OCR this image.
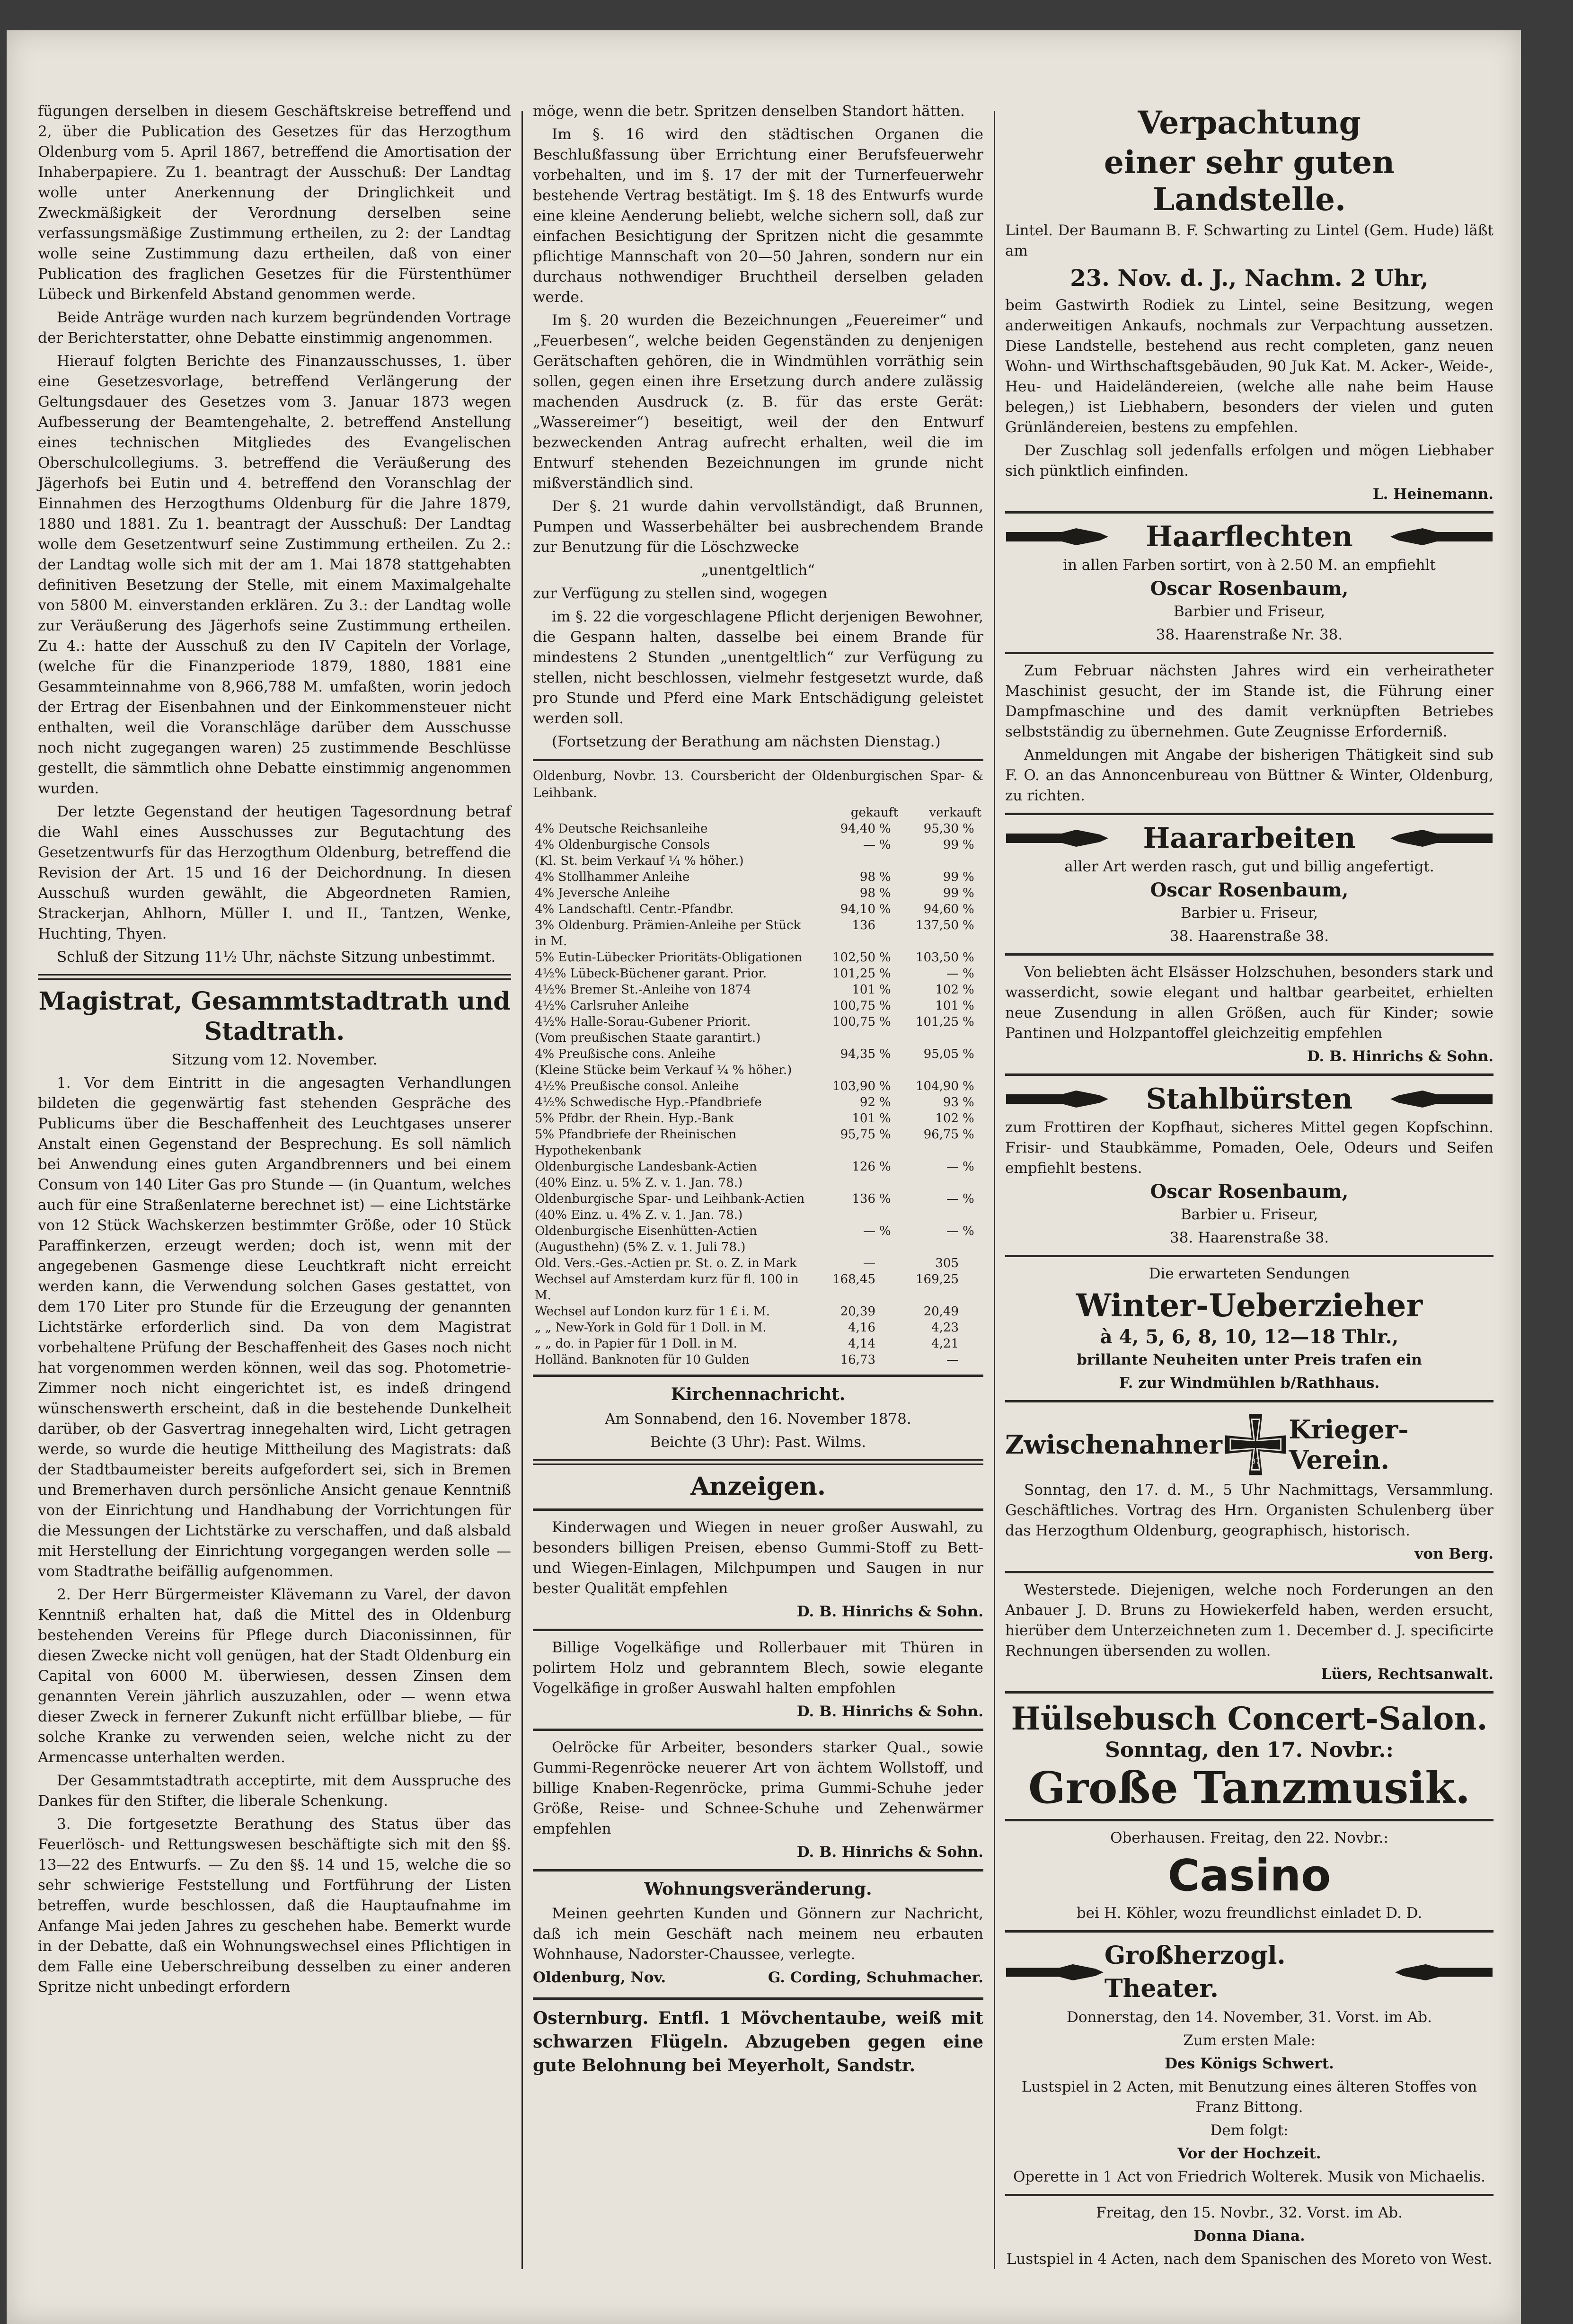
fügungen derselben in diesem Geschäftskreise betreffend und 2, über die Publication des Gesetzes für das Herzogthum Oldenburg vom 5. April 1867, betreffend die Amortisation der Inhaberpapiere. Zu 1. beantragt der Ausschuß: Der Landtag wolle unter Anerkennung der Dringlichkeit und Zweckmäßigkeit der Verordnung derselben seine verfassungsmäßige Zustimmung ertheilen, zu 2: der Landtag wolle seine Zustimmung dazu ertheilen, daß von einer Publication des fraglichen Gesetzes für die Fürstenthümer Lübeck und Birkenfeld Abstand genommen werde.

Beide Anträge wurden nach kurzem begründenden Vortrage der Berichterstatter, ohne Debatte einstimmig angenommen.

Hierauf folgten Berichte des Finanzausschusses, 1. über eine Gesetzesvorlage, betreffend Verlängerung der Geltungsdauer des Gesetzes vom 3. Januar 1873 wegen Aufbesserung der Beamtengehalte, 2. betreffend Anstellung eines technischen Mitgliedes des Evangelischen Oberschulcollegiums. 3. betreffend die Veräußerung des Jägerhofs bei Eutin und 4. betreffend den Voranschlag der Einnahmen des Herzogthums Oldenburg für die Jahre 1879, 1880 und 1881. Zu 1. beantragt der Ausschuß: Der Landtag wolle dem Gesetzentwurf seine Zustimmung ertheilen. Zu 2.: der Landtag wolle sich mit der am 1. Mai 1878 stattgehabten definitiven Besetzung der Stelle, mit einem Maximalgehalte von 5800 M. einverstanden erklären. Zu 3.: der Landtag wolle zur Veräußerung des Jägerhofs seine Zustimmung ertheilen. Zu 4.: hatte der Ausschuß zu den IV Capiteln der Vorlage, (welche für die Finanzperiode 1879, 1880, 1881 eine Gesammteinnahme von 8,966,788 M. umfaßten, worin jedoch der Ertrag der Eisenbahnen und der Einkommensteuer nicht enthalten, weil die Voranschläge darüber dem Ausschusse noch nicht zugegangen waren) 25 zustimmende Beschlüsse gestellt, die sämmtlich ohne Debatte einstimmig angenommen wurden.

Der letzte Gegenstand der heutigen Tagesordnung betraf die Wahl eines Ausschusses zur Begutachtung des Gesetzentwurfs für das Herzogthum Oldenburg, betreffend die Revision der Art. 15 und 16 der Deichordnung. In diesen Ausschuß wurden gewählt, die Abgeordneten Ramien, Strackerjan, Ahlhorn, Müller I. und II., Tantzen, Wenke, Huchting, Thyen.

Schluß der Sitzung 11½ Uhr, nächste Sitzung unbestimmt.

Magistrat, Gesammtstadtrath und Stadtrath.

Sitzung vom 12. November.

1. Vor dem Eintritt in die angesagten Verhandlungen bildeten die gegenwärtig fast stehenden Gespräche des Publicums über die Beschaffenheit des Leuchtgases unserer Anstalt einen Gegenstand der Besprechung. Es soll nämlich bei Anwendung eines guten Argandbrenners und bei einem Consum von 140 Liter Gas pro Stunde — (in Quantum, welches auch für eine Straßenlaterne berechnet ist) — eine Lichtstärke von 12 Stück Wachskerzen bestimmter Größe, oder 10 Stück Paraffinkerzen, erzeugt werden; doch ist, wenn mit der angegebenen Gasmenge diese Leuchtkraft nicht erreicht werden kann, die Verwendung solchen Gases gestattet, von dem 170 Liter pro Stunde für die Erzeugung der genannten Lichtstärke erforderlich sind. Da von dem Magistrat vorbehaltene Prüfung der Beschaffenheit des Gases noch nicht hat vorgenommen werden können, weil das sog. Photometrie-Zimmer noch nicht eingerichtet ist, es indeß dringend wünschenswerth erscheint, daß in die bestehende Dunkelheit darüber, ob der Gasvertrag innegehalten wird, Licht getragen werde, so wurde die heutige Mittheilung des Magistrats: daß der Stadtbaumeister bereits aufgefordert sei, sich in Bremen und Bremerhaven durch persönliche Ansicht genaue Kenntniß von der Einrichtung und Handhabung der Vorrichtungen für die Messungen der Lichtstärke zu verschaffen, und daß alsbald mit Herstellung der Einrichtung vorgegangen werden solle — vom Stadtrathe beifällig aufgenommen.

2. Der Herr Bürgermeister Klävemann zu Varel, der davon Kenntniß erhalten hat, daß die Mittel des in Oldenburg bestehenden Vereins für Pflege durch Diaconissinnen, für diesen Zwecke nicht voll genügen, hat der Stadt Oldenburg ein Capital von 6000 M. überwiesen, dessen Zinsen dem genannten Verein jährlich auszuzahlen, oder — wenn etwa dieser Zweck in fernerer Zukunft nicht erfüllbar bliebe, — für solche Kranke zu verwenden seien, welche nicht zu der Armencasse unterhalten werden.

Der Gesammtstadtrath acceptirte, mit dem Ausspruche des Dankes für den Stifter, die liberale Schenkung.

3. Die fortgesetzte Berathung des Status über das Feuerlösch- und Rettungswesen beschäftigte sich mit den §§. 13—22 des Entwurfs. — Zu den §§. 14 und 15, welche die so sehr schwierige Feststellung und Fortführung der Listen betreffen, wurde beschlossen, daß die Hauptaufnahme im Anfange Mai jeden Jahres zu geschehen habe. Bemerkt wurde in der Debatte, daß ein Wohnungswechsel eines Pflichtigen in dem Falle eine Ueberschreibung desselben zu einer anderen Spritze nicht unbedingt erfordern

möge, wenn die betr. Spritzen denselben Standort hätten.

Im §. 16 wird den städtischen Organen die Beschlußfassung über Errichtung einer Berufsfeuerwehr vorbehalten, und im §. 17 der mit der Turnerfeuerwehr bestehende Vertrag bestätigt. Im §. 18 des Entwurfs wurde eine kleine Aenderung beliebt, welche sichern soll, daß zur einfachen Besichtigung der Spritzen nicht die gesammte pflichtige Mannschaft von 20—50 Jahren, sondern nur ein durchaus nothwendiger Bruchtheil derselben geladen werde.

Im §. 20 wurden die Bezeichnungen „Feuereimer“ und „Feuerbesen“, welche beiden Gegenständen zu denjenigen Gerätschaften gehören, die in Windmühlen vorräthig sein sollen, gegen einen ihre Ersetzung durch andere zulässig machenden Ausdruck (z. B. für das erste Gerät: „Wassereimer“) beseitigt, weil der den Entwurf bezweckenden Antrag aufrecht erhalten, weil die im Entwurf stehenden Bezeichnungen im grunde nicht mißverständlich sind.

Der §. 21 wurde dahin vervollständigt, daß Brunnen, Pumpen und Wasserbehälter bei ausbrechendem Brande zur Benutzung für die Löschzwecke

„unentgeltlich“

zur Verfügung zu stellen sind, wogegen

im §. 22 die vorgeschlagene Pflicht derjenigen Bewohner, die Gespann halten, dasselbe bei einem Brande für mindestens 2 Stunden „unentgeltlich“ zur Verfügung zu stellen, nicht beschlossen, vielmehr festgesetzt wurde, daß pro Stunde und Pferd eine Mark Entschädigung geleistet werden soll.

(Fortsetzung der Berathung am nächsten Dienstag.)

Oldenburg, Novbr. 13. Coursbericht der Oldenburgischen Spar- & Leihbank.

	gekauft		verkauft	
4% Deutsche Reichsanleihe	94,40	%	95,30	%
4% Oldenburgische Consols	—	%	99	%
(Kl. St. beim Verkauf ¼ % höher.)				
4% Stollhammer Anleihe	98	%	99	%
4% Jeversche Anleihe	98	%	99	%
4% Landschaftl. Centr.-Pfandbr.	94,10	%	94,60	%
3% Oldenburg. Prämien-Anleihe per Stück in M.	136		137,50	%
5% Eutin-Lübecker Prioritäts-Obligationen	102,50	%	103,50	%
4½% Lübeck-Büchener garant. Prior.	101,25	%	—	%
4½% Bremer St.-Anleihe von 1874	101	%	102	%
4½% Carlsruher Anleihe	100,75	%	101	%
4½% Halle-Sorau-Gubener Priorit.	100,75	%	101,25	%
(Vom preußischen Staate garantirt.)				
4% Preußische cons. Anleihe	94,35	%	95,05	%
(Kleine Stücke beim Verkauf ¼ % höher.)				
4½% Preußische consol. Anleihe	103,90	%	104,90	%
4½% Schwedische Hyp.-Pfandbriefe	92	%	93	%
5% Pfdbr. der Rhein. Hyp.-Bank	101	%	102	%
5% Pfandbriefe der Rheinischen Hypothekenbank	95,75	%	96,75	%
Oldenburgische Landesbank-Actien	126	%	—	%
(40% Einz. u. 5% Z. v. 1. Jan. 78.)				
Oldenburgische Spar- und Leihbank-Actien	136	%	—	%
(40% Einz. u. 4% Z. v. 1. Jan. 78.)				
Oldenburgische Eisenhütten-Actien (Augusthehn) (5% Z. v. 1. Juli 78.)	—	%	—	%
Old. Vers.-Ges.-Actien pr. St. o. Z. in Mark	—		305	
Wechsel auf Amsterdam kurz für fl. 100 in M.	168,45		169,25	
Wechsel auf London kurz für 1 £ i. M.	20,39		20,49	
„ „ New-York in Gold für 1 Doll. in M.	4,16		4,23	
„ „ do. in Papier für 1 Doll. in M.	4,14		4,21	
Holländ. Banknoten für 10 Gulden	16,73		—	
Kirchennachricht.

Am Sonnabend, den 16. November 1878.

Beichte (3 Uhr): Past. Wilms.

Anzeigen.

Kinderwagen und Wiegen in neuer großer Auswahl, zu besonders billigen Preisen, ebenso Gummi-Stoff zu Bett- und Wiegen-Einlagen, Milchpumpen und Saugen in nur bester Qualität empfehlen

D. B. Hinrichs & Sohn.

Billige Vogelkäfige und Rollerbauer mit Thüren in polirtem Holz und gebranntem Blech, sowie elegante Vogelkäfige in großer Auswahl halten empfohlen

D. B. Hinrichs & Sohn.

Oelröcke für Arbeiter, besonders starker Qual., sowie Gummi-Regenröcke neuerer Art von ächtem Wollstoff, und billige Knaben-Regenröcke, prima Gummi-Schuhe jeder Größe, Reise- und Schnee-Schuhe und Zehenwärmer empfehlen

D. B. Hinrichs & Sohn.

Wohnungsveränderung.

Meinen geehrten Kunden und Gönnern zur Nachricht, daß ich mein Geschäft nach meinem neu erbauten Wohnhause, Nadorster-Chaussee, verlegte.

Oldenburg, Nov.	G. Cording, Schuhmacher.

Osternburg. Entfl. 1 Mövchentaube, weiß mit schwarzen Flügeln. Abzugeben gegen eine gute Belohnung bei Meyerholt, Sandstr.

Verpachtung
einer sehr guten Landstelle.

Lintel. Der Baumann B. F. Schwarting zu Lintel (Gem. Hude) läßt am

23. Nov. d. J., Nachm. 2 Uhr,

beim Gastwirth Rodiek zu Lintel, seine Besitzung, wegen anderweitigen Ankaufs, nochmals zur Verpachtung aussetzen. Diese Landstelle, bestehend aus recht completen, ganz neuen Wohn- und Wirthschaftsgebäuden, 90 Juk Kat. M. Acker-, Weide-, Heu- und Haideländereien, (welche alle nahe beim Hause belegen,) ist Liebhabern, besonders der vielen und guten Grünländereien, bestens zu empfehlen.

Der Zuschlag soll jedenfalls erfolgen und mögen Liebhaber sich pünktlich einfinden.

L. Heinemann.

Haarflechten

in allen Farben sortirt, von à 2.50 M. an empfiehlt

Oscar Rosenbaum,

Barbier und Friseur,

38. Haarenstraße Nr. 38.

Zum Februar nächsten Jahres wird ein verheiratheter Maschinist gesucht, der im Stande ist, die Führung einer Dampfmaschine und des damit verknüpften Betriebes selbstständig zu übernehmen. Gute Zeugnisse Erforderniß.

Anmeldungen mit Angabe der bisherigen Thätigkeit sind sub F. O. an das Annoncenbureau von Büttner & Winter, Oldenburg, zu richten.

Haararbeiten

aller Art werden rasch, gut und billig angefertigt.

Oscar Rosenbaum,

Barbier u. Friseur,

38. Haarenstraße 38.

Von beliebten ächt Elsässer Holzschuhen, besonders stark und wasserdicht, sowie elegant und haltbar gearbeitet, erhielten neue Zusendung in allen Größen, auch für Kinder; sowie Pantinen und Holzpantoffel gleichzeitig empfehlen

D. B. Hinrichs & Sohn.

Stahlbürsten

zum Frottiren der Kopfhaut, sicheres Mittel gegen Kopfschinn. Frisir- und Staubkämme, Pomaden, Oele, Odeurs und Seifen empfiehlt bestens.

Oscar Rosenbaum,

Barbier u. Friseur,

38. Haarenstraße 38.

Die erwarteten Sendungen

Winter-Ueberzieher

à 4, 5, 6, 8, 10, 12—18 Thlr.,

brillante Neuheiten unter Preis trafen ein

F. zur Windmühlen b/Rathhaus.

Zwischenahner
1870
Krieger-Verein.

Sonntag, den 17. d. M., 5 Uhr Nachmittags, Versammlung. Geschäftliches. Vortrag des Hrn. Organisten Schulenberg über das Herzogthum Oldenburg, geographisch, historisch.

von Berg.

Westerstede. Diejenigen, welche noch Forderungen an den Anbauer J. D. Bruns zu Howiekerfeld haben, werden ersucht, hierüber dem Unterzeichneten zum 1. December d. J. specificirte Rechnungen übersenden zu wollen.

Lüers, Rechtsanwalt.

Hülsebusch Concert-Salon.

Sonntag, den 17. Novbr.:

Große Tanzmusik.

Oberhausen. Freitag, den 22. Novbr.:

Casino

bei H. Köhler, wozu freundlichst einladet D. D.

Großherzogl. Theater.

Donnerstag, den 14. November, 31. Vorst. im Ab.

Zum ersten Male:

Des Königs Schwert.

Lustspiel in 2 Acten, mit Benutzung eines älteren Stoffes von Franz Bittong.

Dem folgt:

Vor der Hochzeit.

Operette in 1 Act von Friedrich Wolterek. Musik von Michaelis.

Freitag, den 15. Novbr., 32. Vorst. im Ab.

Donna Diana.

Lustspiel in 4 Acten, nach dem Spanischen des Moreto von West.
